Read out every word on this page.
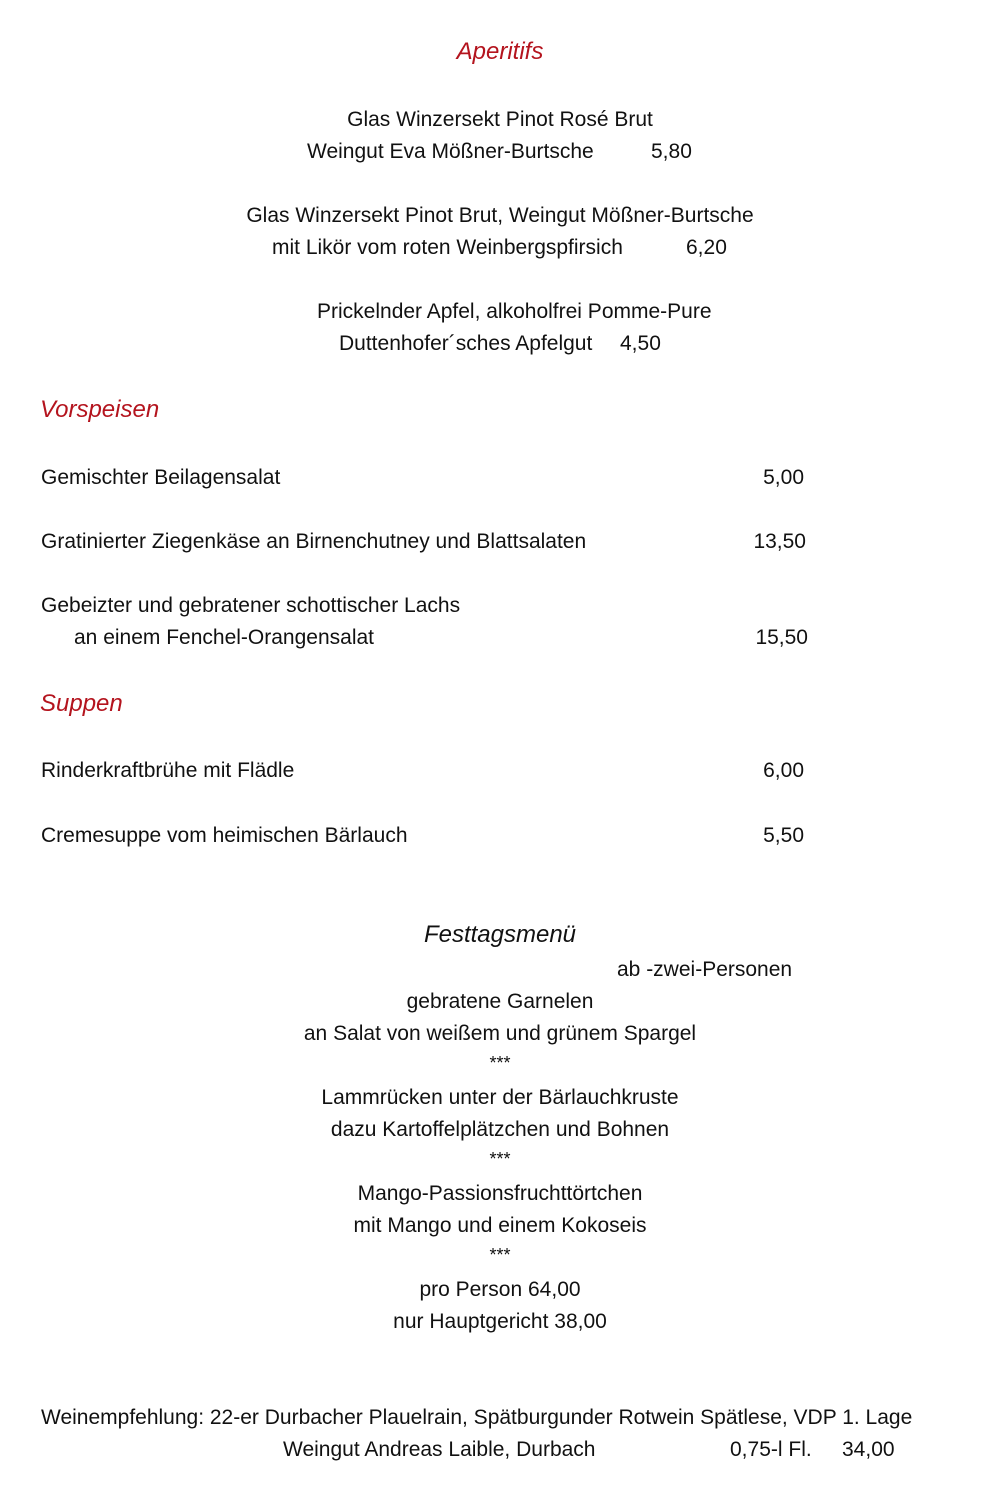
Aperitifs
Glas Winzersekt Pinot Rosé Brut
Weingut Eva Mößner-Burtsche	5,80
Glas Winzersekt Pinot Brut, Weingut Mößner-Burtsche
mit Likör vom roten Weinbergspfirsich	6,20
Prickelnder Apfel, alkoholfrei Pomme-Pure
Duttenhofer´sches Apfelgut 4,50
Vorspeisen
Gemischter Beilagensalat	5,00
Gratinierter Ziegenkäse an Birnenchutney und Blattsalaten	13,50
Gebeizter und gebratener schottischer Lachs
an einem Fenchel-Orangensalat	15,50
Suppen
Rinderkraftbrühe mit Flädle	6,00
Cremesuppe vom heimischen Bärlauch	5,50
Festtagsmenü
ab -zwei-Personen
gebratene Garnelen
an Salat von weißem und grünem Spargel
***
Lammrücken unter der Bärlauchkruste
dazu Kartoffelplätzchen und Bohnen
***
Mango-Passionsfruchttörtchen
mit Mango und einem Kokoseis
***
pro Person 64,00
nur Hauptgericht 38,00
Weinempfehlung: 22-er Durbacher Plauelrain, Spätburgunder Rotwein Spätlese, VDP 1. Lage
Weingut Andreas Laible, Durbach	0,75-l Fl. 34,00
